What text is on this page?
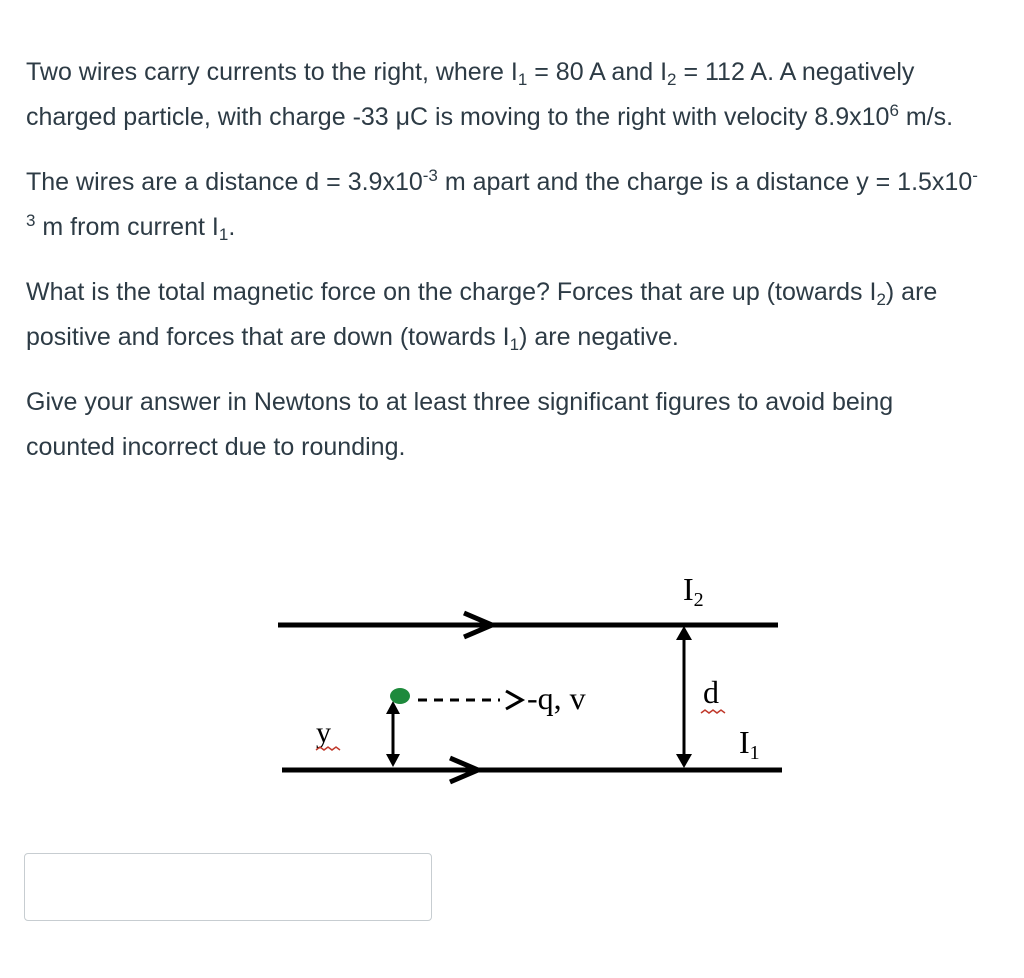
Two wires carry currents to the right, where $I_1 = 80$ A and $I_2 = 112$ A. A negatively charged particle, with charge -33 μC is moving to the right with velocity $8.9x10^6$ m/s.

The wires are a distance $d = 3.9x10^{-3}$ m apart and the charge is a distance $y = 1.5x10^{-3}$ m from current $I_1$.

What is the total magnetic force on the charge? Forces that are up (towards $I_2$) are positive and forces that are down (towards $I_1$) are negative.

Give your answer in Newtons to at least three significant figures to avoid being counted incorrect due to rounding.

-q, v
I2
I1
d
y
